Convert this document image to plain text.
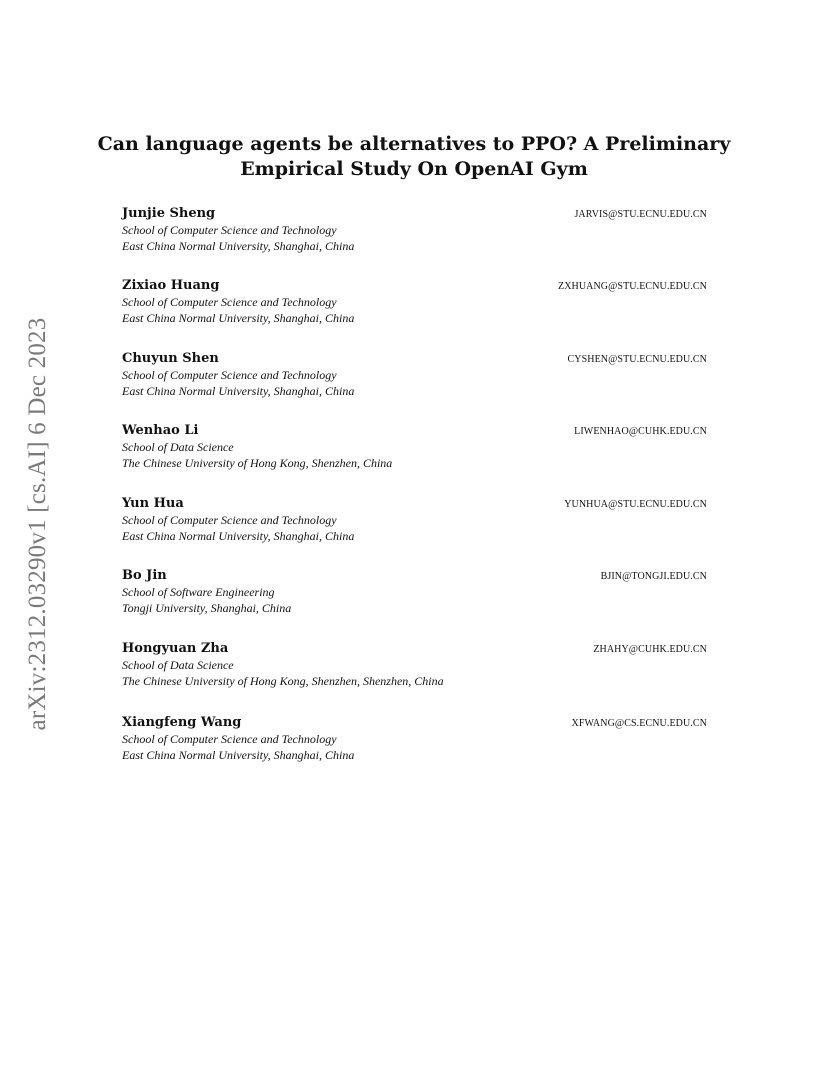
arXiv:2312.03290v1 [cs.AI] 6 Dec 2023
Can language agents be alternatives to PPO? A Preliminary
Empirical Study On OpenAI Gym
Junjie Sheng	JARVIS@STU.ECNU.EDU.CN
School of Computer Science and Technology
East China Normal University, Shanghai, China
Zixiao Huang	ZXHUANG@STU.ECNU.EDU.CN
School of Computer Science and Technology
East China Normal University, Shanghai, China
Chuyun Shen	CYSHEN@STU.ECNU.EDU.CN
School of Computer Science and Technology
East China Normal University, Shanghai, China
Wenhao Li	LIWENHAO@CUHK.EDU.CN
School of Data Science
The Chinese University of Hong Kong, Shenzhen, China
Yun Hua	YUNHUA@STU.ECNU.EDU.CN
School of Computer Science and Technology
East China Normal University, Shanghai, China
Bo Jin	BJIN@TONGJI.EDU.CN
School of Software Engineering
Tongji University, Shanghai, China
Hongyuan Zha	ZHAHY@CUHK.EDU.CN
School of Data Science
The Chinese University of Hong Kong, Shenzhen, Shenzhen, China
Xiangfeng Wang	XFWANG@CS.ECNU.EDU.CN
School of Computer Science and Technology
East China Normal University, Shanghai, China
